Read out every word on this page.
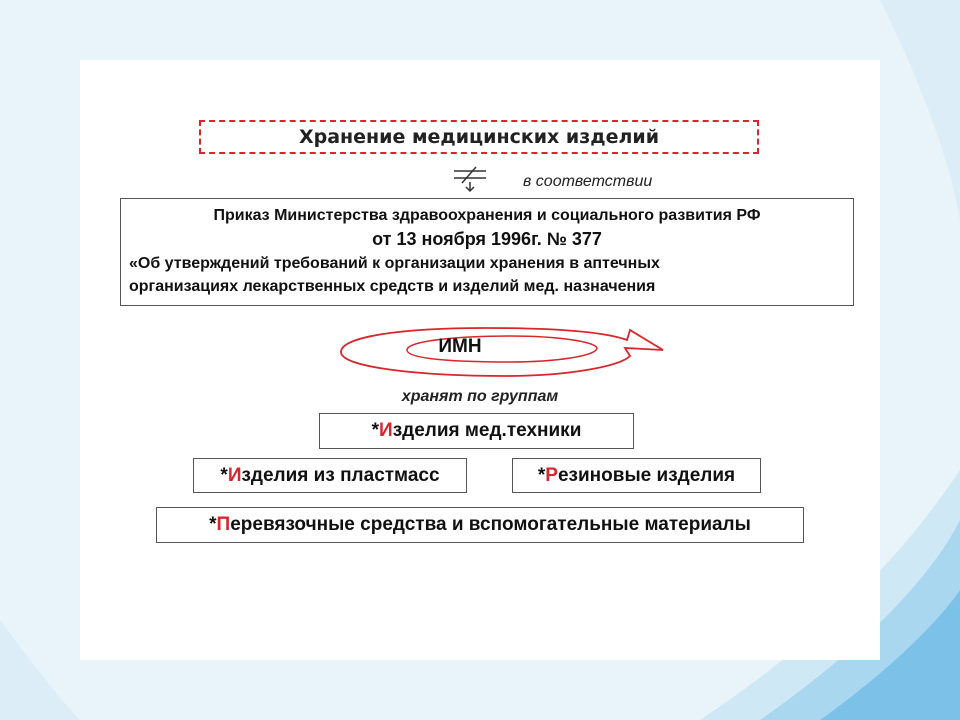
Хранение медицинских изделий
в соответствии
Приказ Министерства здравоохранения и социального развития РФ
от 13 ноября 1996г. № 377
«Об утверждений требований к организации хранения в аптечных
организациях лекарственных средств и изделий мед. назначения
ИМН
хранят по группам
* И зделия мед.техники
* И зделия из пластмасс	* Р езиновые изделия
* П еревязочные средства и вспомогательные материалы
